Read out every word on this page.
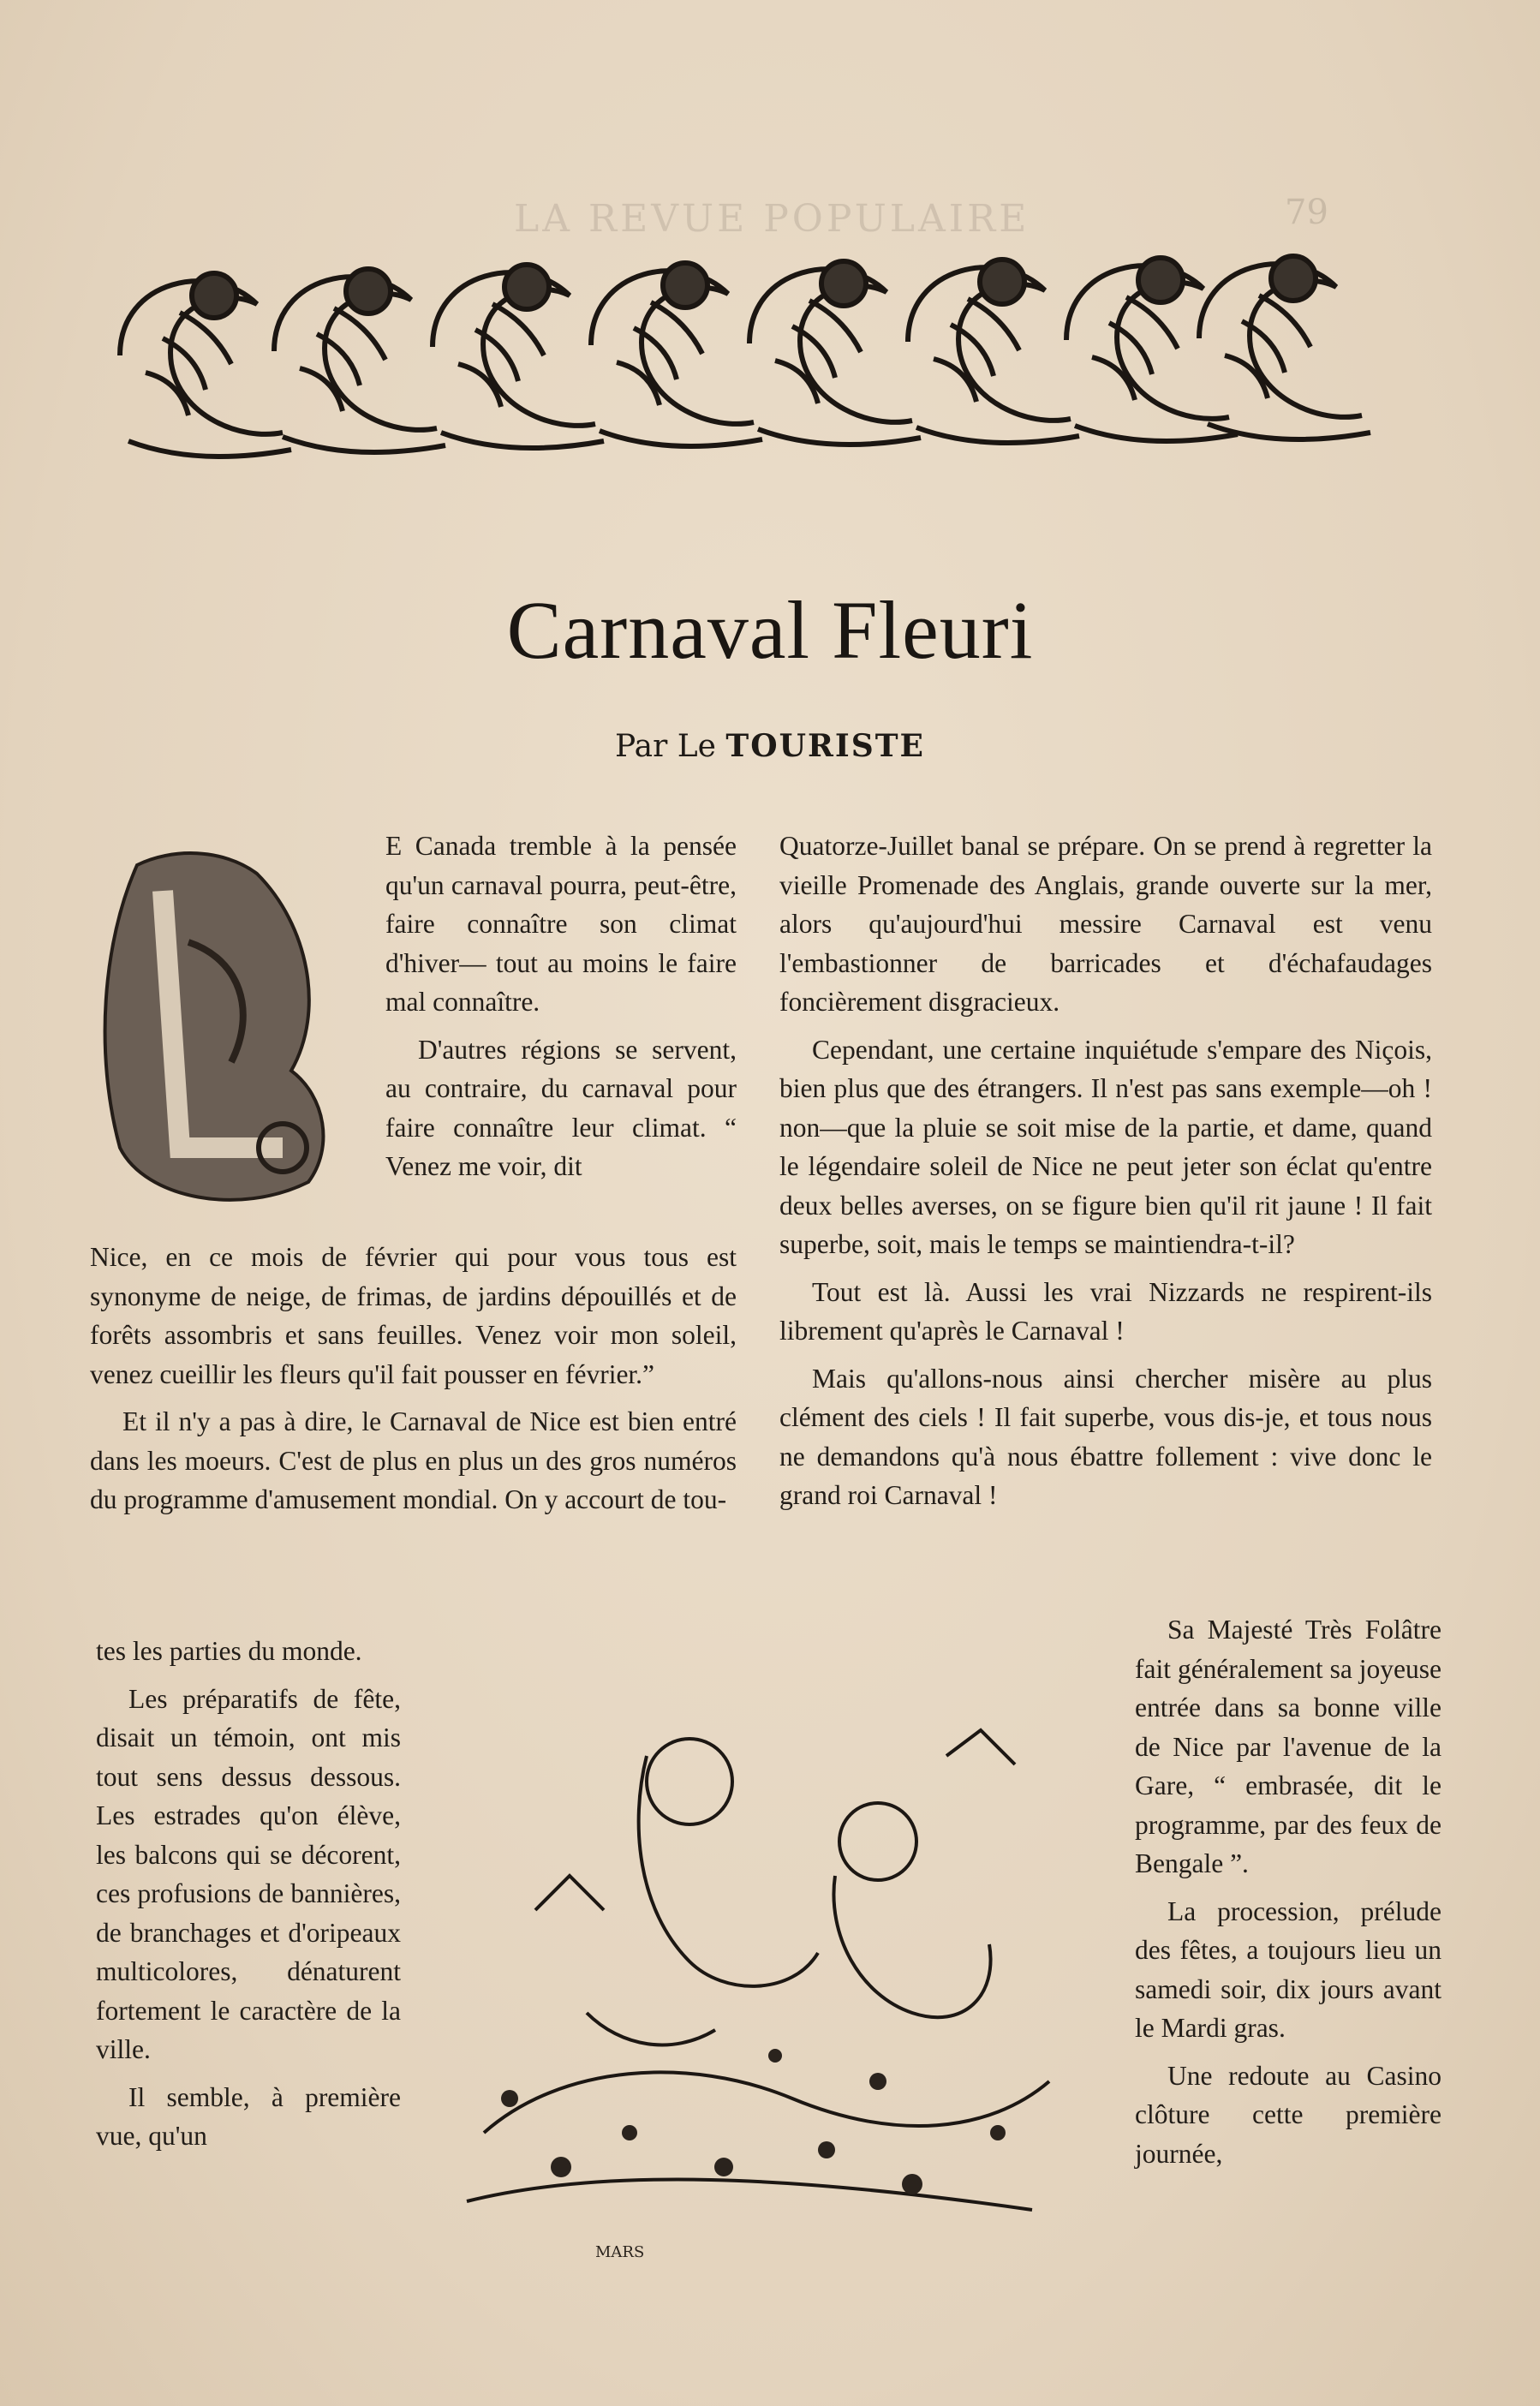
LA REVUE POPULAIRE	79
Carnaval Fleuri
Par Le TOURISTE

E Canada tremble à la pensée qu'un carnaval pourra, peut-être, faire connaître son climat d'hiver— tout au moins le faire mal connaître.

D'autres régions se servent, au contraire, du carnaval pour faire connaître leur climat. “ Venez me voir, dit

Nice, en ce mois de février qui pour vous tous est synonyme de neige, de frimas, de jardins dépouillés et de forêts assombris et sans feuilles. Venez voir mon soleil, venez cueillir les fleurs qu'il fait pousser en février.”

Et il n'y a pas à dire, le Carnaval de Nice est bien entré dans les moeurs. C'est de plus en plus un des gros numéros du programme d'amusement mondial. On y accourt de tou-

tes les parties du monde.

Les préparatifs de fête, disait un témoin, ont mis tout sens dessus dessous. Les estrades qu'on élève, les balcons qui se décorent, ces profusions de bannières, de branchages et d'oripeaux multicolores, dénaturent fortement le caractère de la ville.

Il semble, à première vue, qu'un

Quatorze-Juillet banal se prépare. On se prend à regretter la vieille Promenade des Anglais, grande ouverte sur la mer, alors qu'aujourd'hui messire Carnaval est venu l'embastionner de barricades et d'échafaudages foncièrement disgracieux.

Cependant, une certaine inquiétude s'empare des Niçois, bien plus que des étrangers. Il n'est pas sans exemple—oh ! non—que la pluie se soit mise de la partie, et dame, quand le légendaire soleil de Nice ne peut jeter son éclat qu'entre deux belles averses, on se figure bien qu'il rit jaune ! Il fait superbe, soit, mais le temps se maintiendra-t-il?

Tout est là. Aussi les vrai Nizzards ne respirent-ils librement qu'après le Carnaval !

Mais qu'allons-nous ainsi chercher misère au plus clément des ciels ! Il fait superbe, vous dis-je, et tous nous ne demandons qu'à nous ébattre follement : vive donc le grand roi Carnaval !

Sa Majesté Très Folâtre fait généralement sa joyeuse entrée dans sa bonne ville de Nice par l'avenue de la Gare, “ embrasée, dit le programme, par des feux de Bengale ”.

La procession, prélude des fêtes, a toujours lieu un samedi soir, dix jours avant le Mardi gras.

Une redoute au Casino clôture cette première journée,

MARS
